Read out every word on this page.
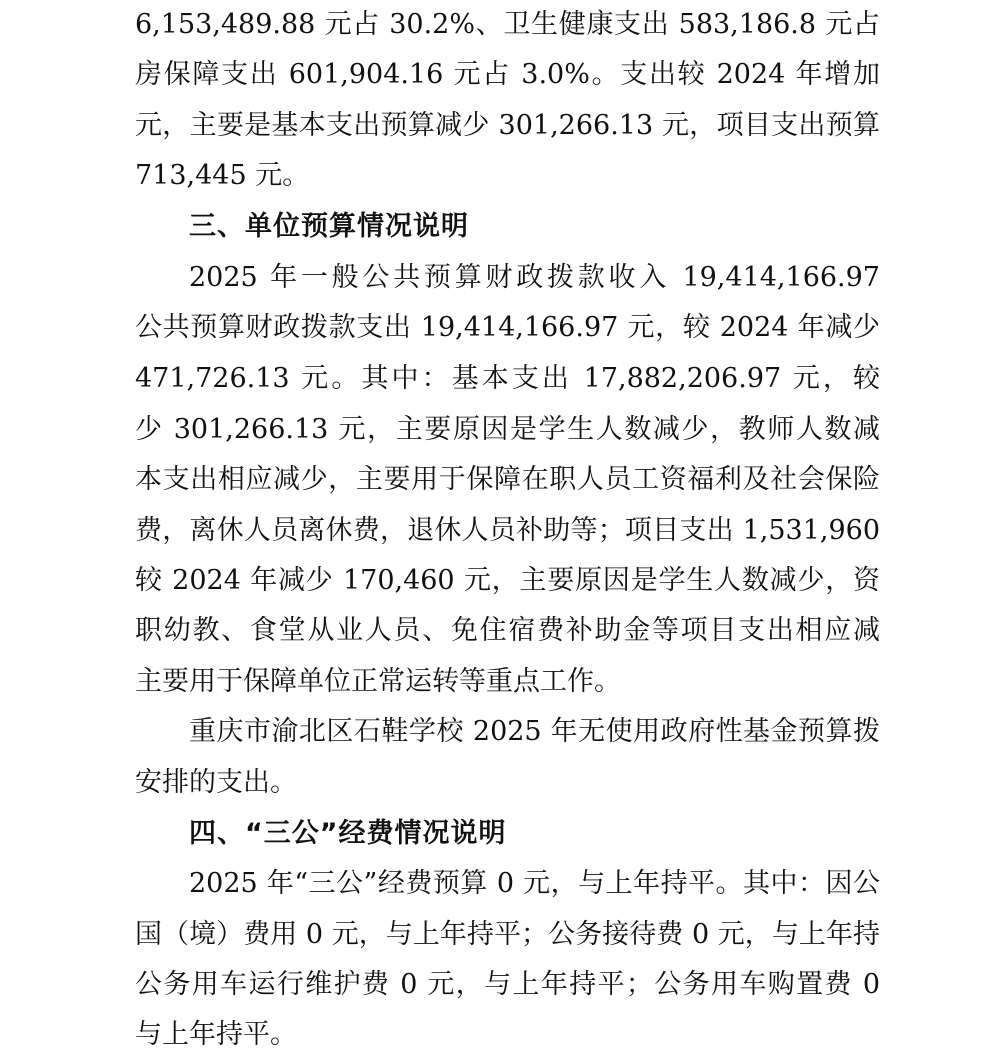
6,153,489.88 元占 30.2%、卫生健康支出 583,186.8 元占
房保障支出 601,904.16 元占 3.0%。支出较 2024 年增加
元，主要是基本支出预算减少 301,266.13 元，项目支出预算
713,445 元。
三、单位预算情况说明
2025 年一般公共预算财政拨款收入 19,414,166.97
公共预算财政拨款支出 19,414,166.97 元，较 2024 年减少
471,726.13 元。其中：基本支出 17,882,206.97 元，较
少 301,266.13 元，主要原因是学生人数减少，教师人数减
本支出相应减少，主要用于保障在职人员工资福利及社会保险
费，离休人员离休费，退休人员补助等；项目支出 1,531,960
较 2024 年减少 170,460 元，主要原因是学生人数减少，资
职幼教、食堂从业人员、免住宿费补助金等项目支出相应减
主要用于保障单位正常运转等重点工作。
重庆市渝北区石鞋学校 2025 年无使用政府性基金预算拨
安排的支出。
四、“三公”经费情况说明
2025 年“三公”经费预算 0 元，与上年持平。其中：因公
国（境）费用 0 元，与上年持平；公务接待费 0 元，与上年持
公务用车运行维护费 0 元，与上年持平；公务用车购置费 0
与上年持平。
